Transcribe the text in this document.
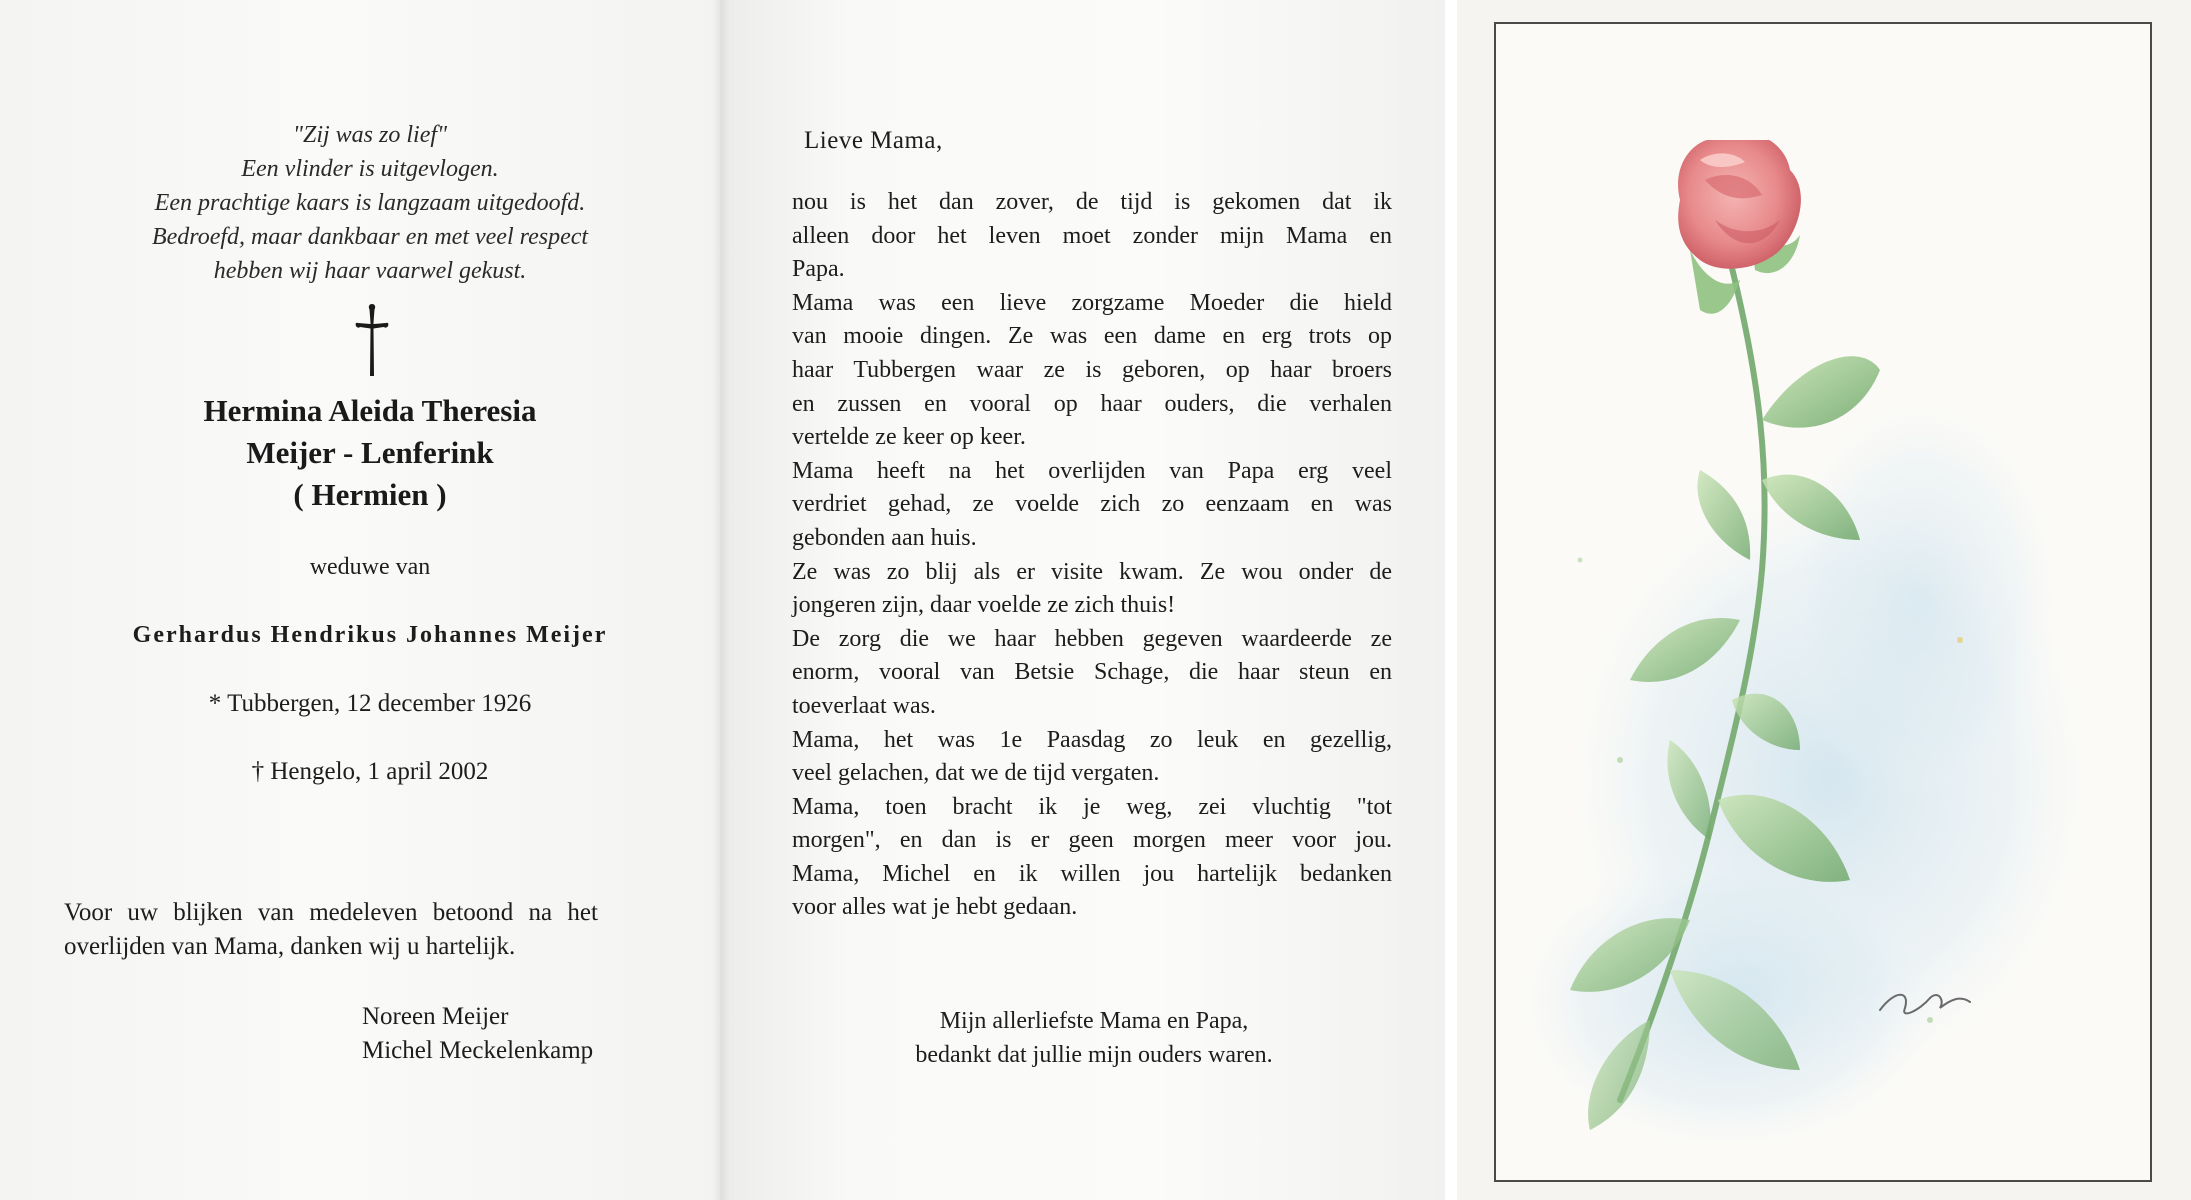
"Zij was zo lief"
Een vlinder is uitgevlogen.
Een prachtige kaars is langzaam uitgedoofd.
Bedroefd, maar dankbaar en met veel respect
hebben wij haar vaarwel gekust.
Hermina Aleida Theresia
Meijer - Lenferink
( Hermien )
weduwe van
Gerhardus Hendrikus Johannes Meijer
* Tubbergen, 12 december 1926
† Hengelo, 1 april 2002
Voor uw blijken van medeleven betoond na het
overlijden van Mama, danken wij u hartelijk.
Noreen Meijer
Michel Meckelenkamp
Lieve Mama,
nou is het dan zover, de tijd is gekomen dat ik
alleen door het leven moet zonder mijn Mama en
Papa.
Mama was een lieve zorgzame Moeder die hield
van mooie dingen. Ze was een dame en erg trots op
haar Tubbergen waar ze is geboren, op haar broers
en zussen en vooral op haar ouders, die verhalen
vertelde ze keer op keer.
Mama heeft na het overlijden van Papa erg veel
verdriet gehad, ze voelde zich zo eenzaam en was
gebonden aan huis.
Ze was zo blij als er visite kwam. Ze wou onder de
jongeren zijn, daar voelde ze zich thuis!
De zorg die we haar hebben gegeven waardeerde ze
enorm, vooral van Betsie Schage, die haar steun en
toeverlaat was.
Mama, het was 1e Paasdag zo leuk en gezellig,
veel gelachen, dat we de tijd vergaten.
Mama, toen bracht ik je weg, zei vluchtig "tot
morgen", en dan is er geen morgen meer voor jou.
Mama, Michel en ik willen jou hartelijk bedanken
voor alles wat je hebt gedaan.
Mijn allerliefste Mama en Papa,
bedankt dat jullie mijn ouders waren.
